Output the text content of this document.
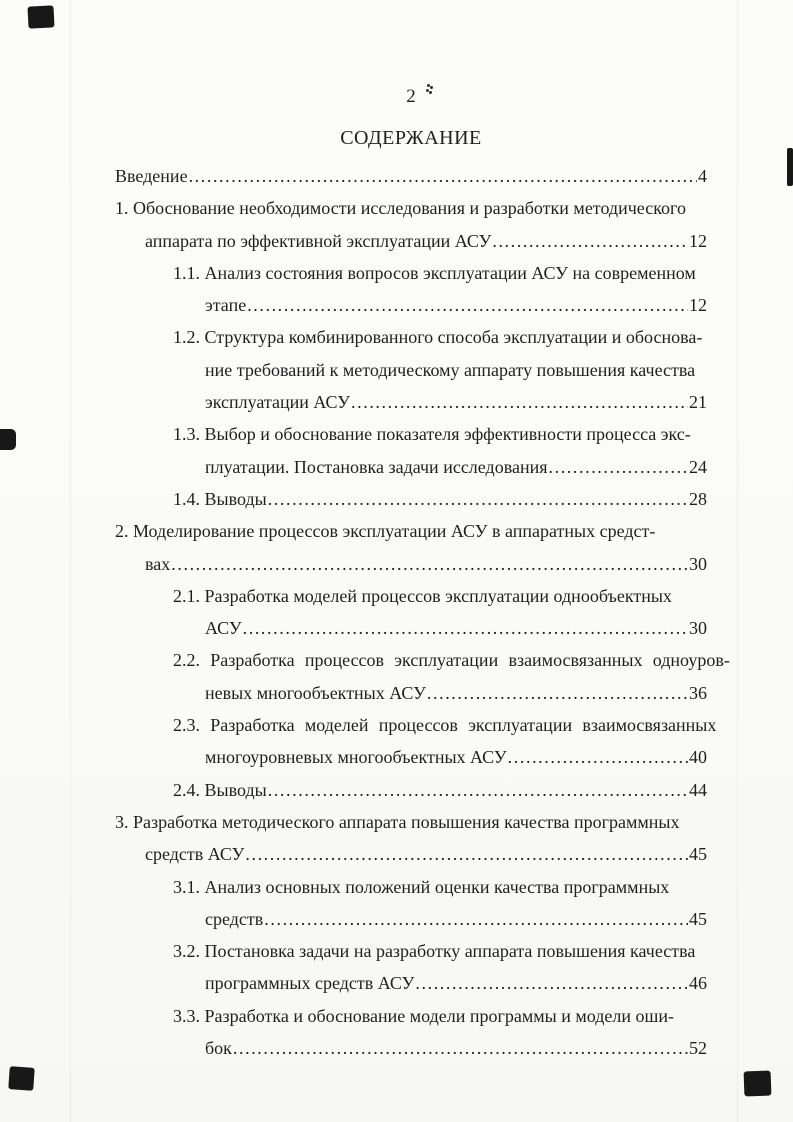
2
СОДЕРЖАНИЕ
Введение .....	4
1. Обоснование необходимости исследования и разработки методического
аппарата по эффективной эксплуатации АСУ .....	12
1.1. Анализ состояния вопросов эксплуатации АСУ на современном
этапе .....	12
1.2. Структура комбинированного способа эксплуатации и обоснова-
ние требований к методическому аппарату повышения качества
эксплуатации АСУ .....	21
1.3. Выбор и обоснование показателя эффективности процесса экс-
плуатации. Постановка задачи исследования .....	24
1.4. Выводы .....	28
2. Моделирование процессов эксплуатации АСУ в аппаратных средст-
вах .....	30
2.1. Разработка моделей процессов эксплуатации однообъектных
АСУ .....	30
2.2. Разработка процессов эксплуатации взаимосвязанных одноуров-
невых многообъектных АСУ .....	36
2.3. Разработка моделей процессов эксплуатации взаимосвязанных
многоуровневых многообъектных АСУ .....	40
2.4. Выводы .....	44
3. Разработка методического аппарата повышения качества программных
средств АСУ .....	45
3.1. Анализ основных положений оценки качества программных
средств .....	45
3.2. Постановка задачи на разработку аппарата повышения качества
программных средств АСУ .....	46
3.3. Разработка и обоснование модели программы и модели оши-
бок .....	52
